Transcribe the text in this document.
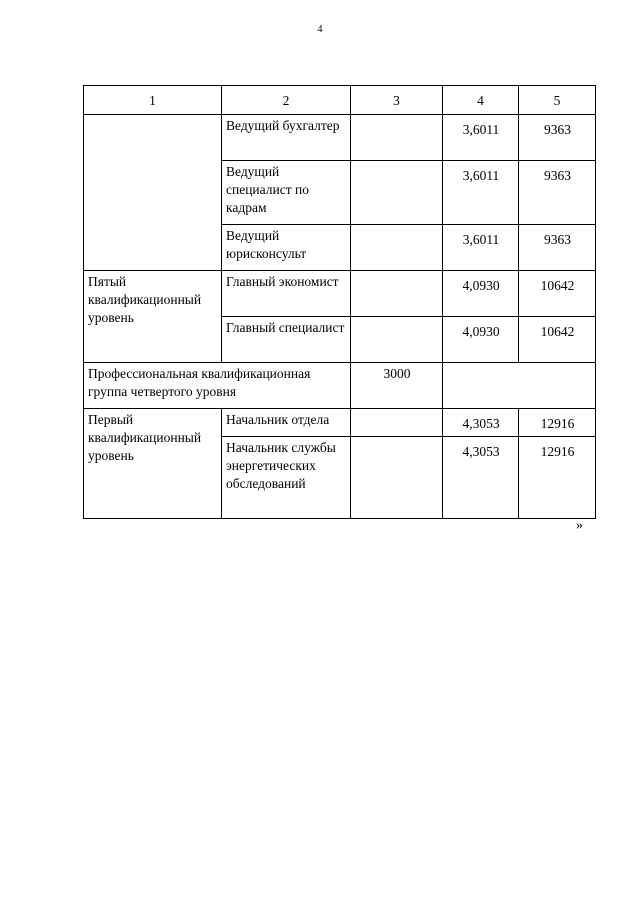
4
1	2	3	4	5
	Ведущий бухгалтер		3,6011	9363
	Ведущий специалист по кадрам		3,6011	9363
	Ведущий юрисконсульт		3,6011	9363
Пятый квалификационный уровень	Главный экономист		4,0930	10642
	Главный специалист		4,0930	10642
Профессиональная квалификационная группа четвертого уровня		3000		
Первый квалификационный уровень	Начальник отдела		4,3053	12916
	Начальник службы энергетических обследований		4,3053	12916
»
